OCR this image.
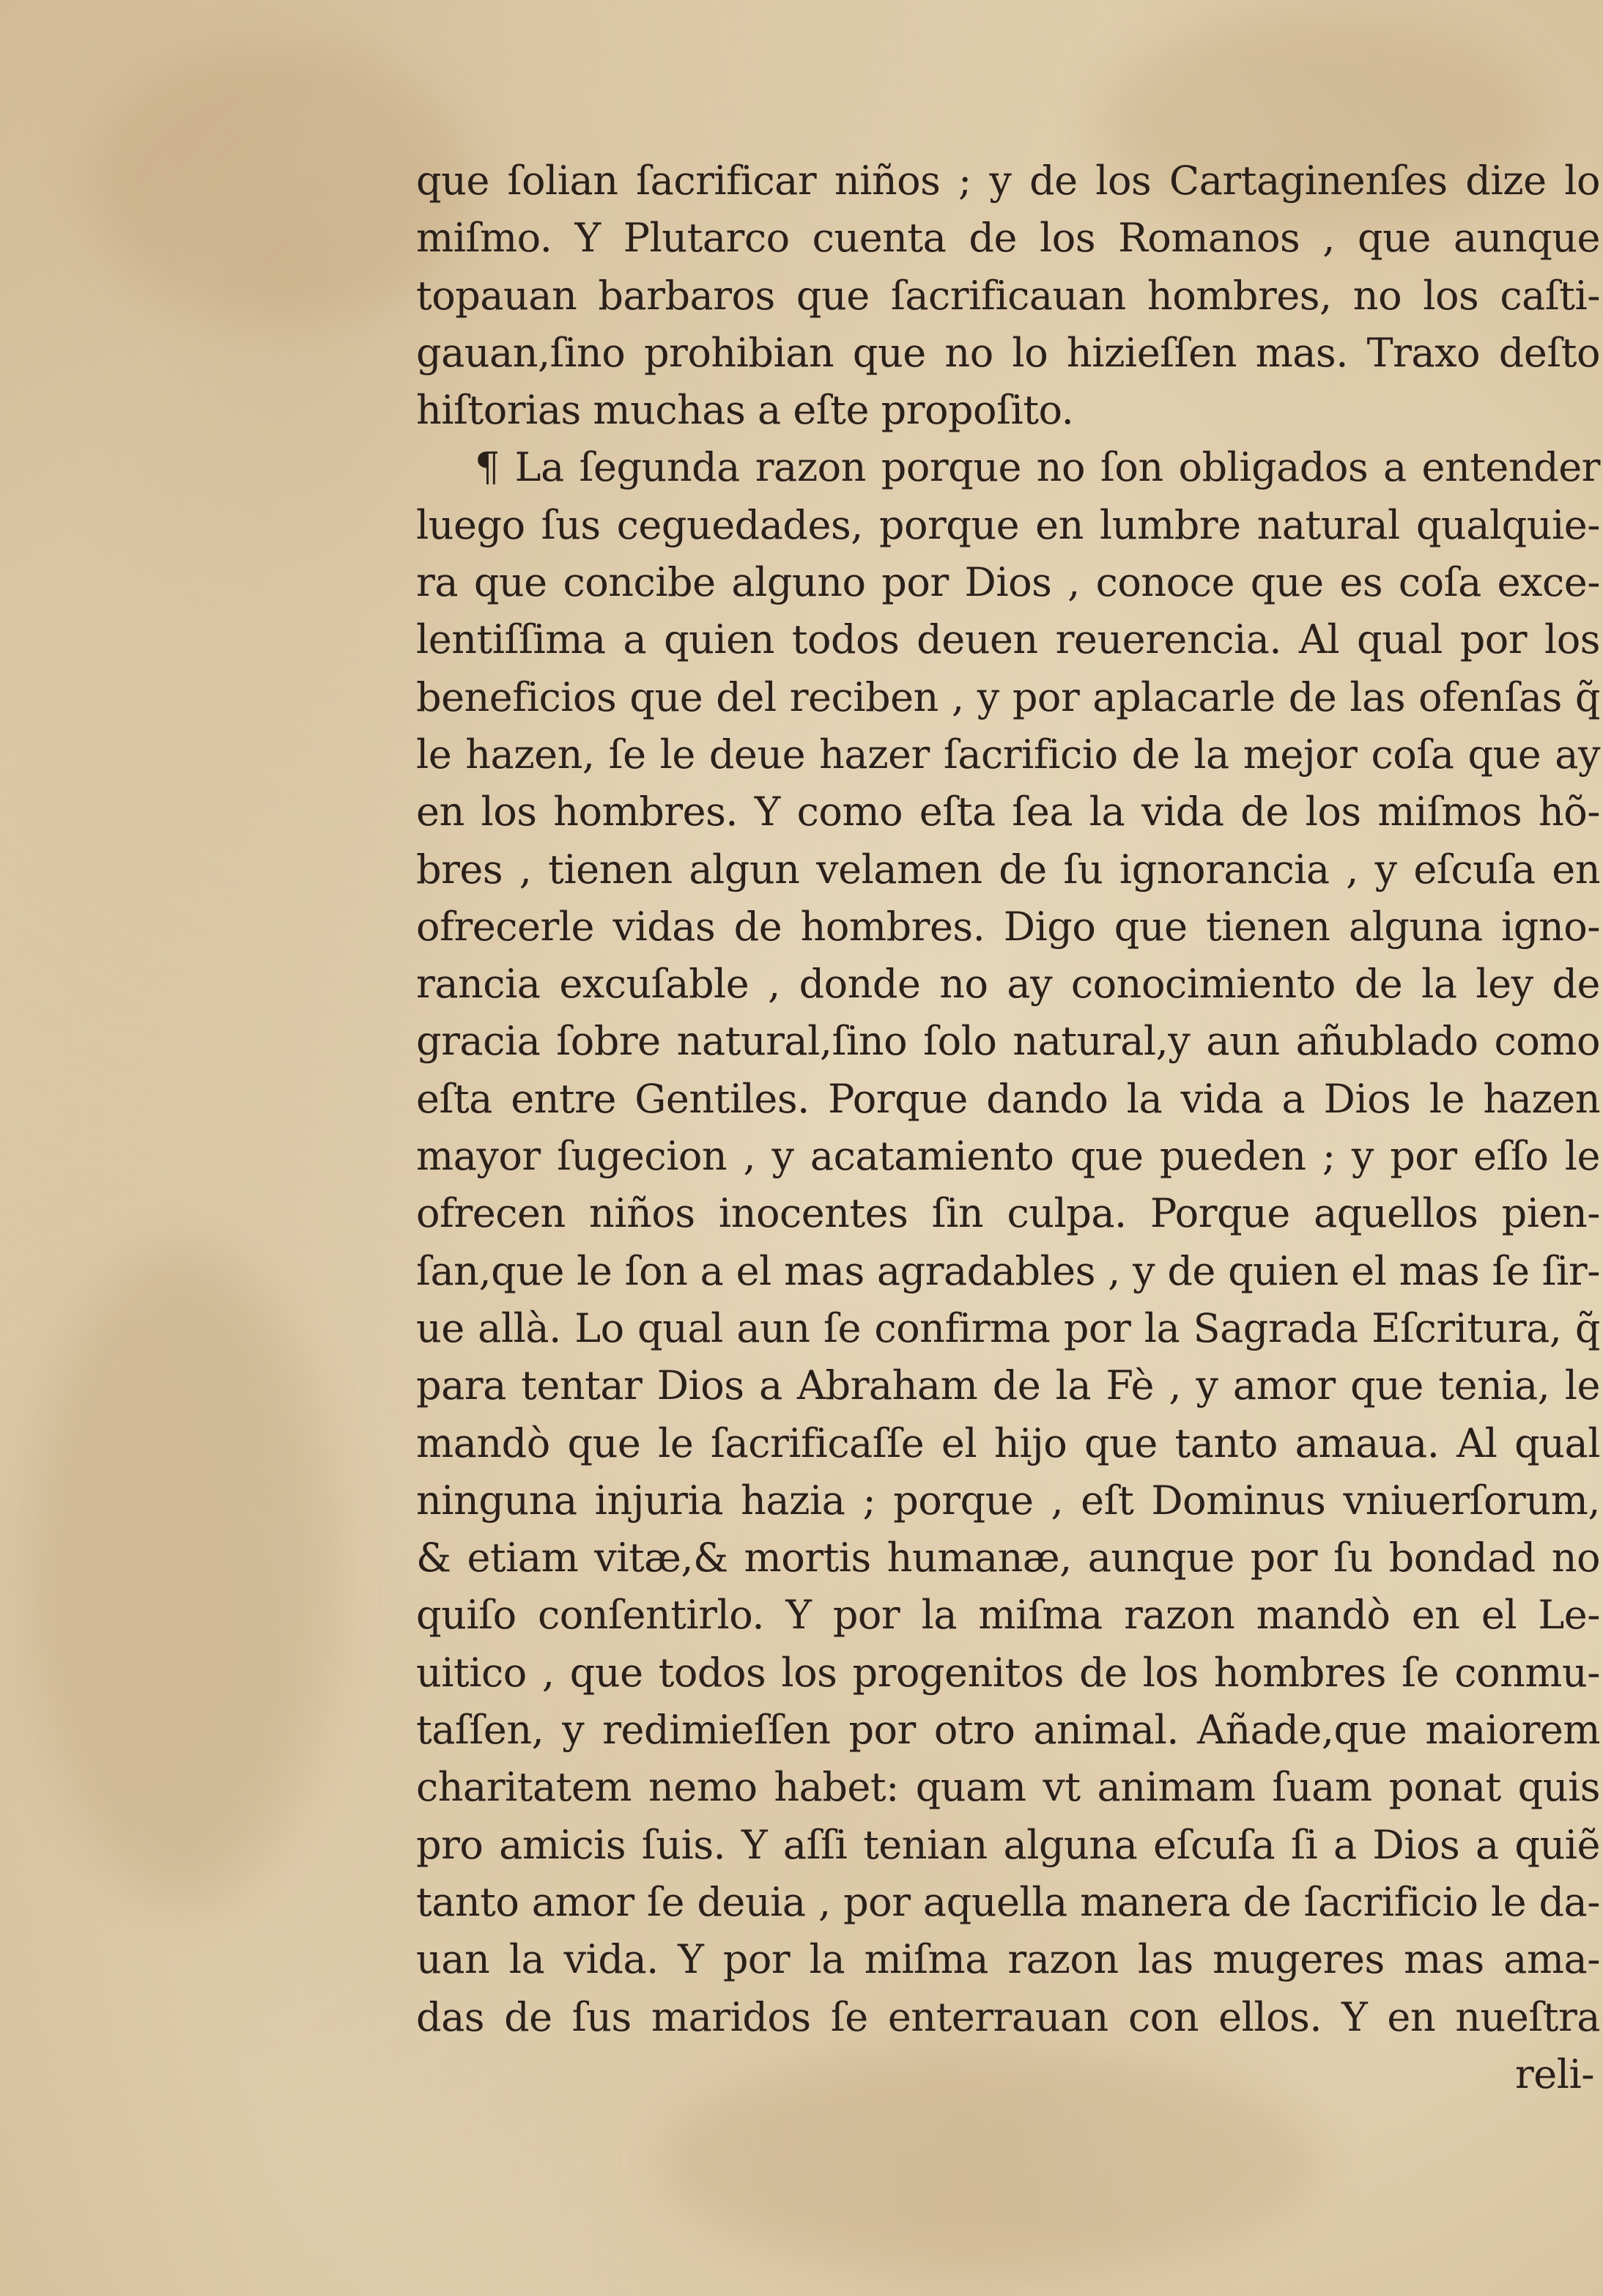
que ſolian ſacrificar niños ; y de los Cartaginenſes dize lo
miſmo. Y Plutarco cuenta de los Romanos , que aunque
topauan barbaros que ſacrificauan hombres, no los caſti-
gauan,ſino prohibian que no lo hizieſſen mas. Traxo deſto
hiſtorias muchas a eſte propoſito.
¶ La ſegunda razon porque no ſon obligados a entender
luego ſus ceguedades, porque en lumbre natural qualquie-
ra que concibe alguno por Dios , conoce que es coſa exce-
lentiſſima a quien todos deuen reuerencia. Al qual por los
beneficios que del reciben , y por aplacarle de las ofenſas q̃
le hazen, ſe le deue hazer ſacrificio de la mejor coſa que ay
en los hombres. Y como eſta ſea la vida de los miſmos hõ-
bres , tienen algun velamen de ſu ignorancia , y eſcuſa en
ofrecerle vidas de hombres. Digo que tienen alguna igno-
rancia excuſable , donde no ay conocimiento de la ley de
gracia ſobre natural,ſino ſolo natural,y aun añublado como
eſta entre Gentiles. Porque dando la vida a Dios le hazen
mayor ſugecion , y acatamiento que pueden ; y por eſſo le
ofrecen niños inocentes ſin culpa. Porque aquellos pien-
ſan,que le ſon a el mas agradables , y de quien el mas ſe ſir-
ue allà. Lo qual aun ſe confirma por la Sagrada Eſcritura, q̃
para tentar Dios a Abraham de la Fè , y amor que tenia, le
mandò que le ſacrificaſſe el hijo que tanto amaua. Al qual
ninguna injuria hazia ; porque , eſt Dominus vniuerſorum,
& etiam vitæ,& mortis humanæ, aunque por ſu bondad no
quiſo conſentirlo. Y por la miſma razon mandò en el Le-
uitico , que todos los progenitos de los hombres ſe conmu-
taſſen, y redimieſſen por otro animal. Añade,que maiorem
charitatem nemo habet: quam vt animam ſuam ponat quis
pro amicis ſuis. Y aſſi tenian alguna eſcuſa ſi a Dios a quiẽ
tanto amor ſe deuia , por aquella manera de ſacrificio le da-
uan la vida. Y por la miſma razon las mugeres mas ama-
das de ſus maridos ſe enterrauan con ellos. Y en nueſtra
reli-
